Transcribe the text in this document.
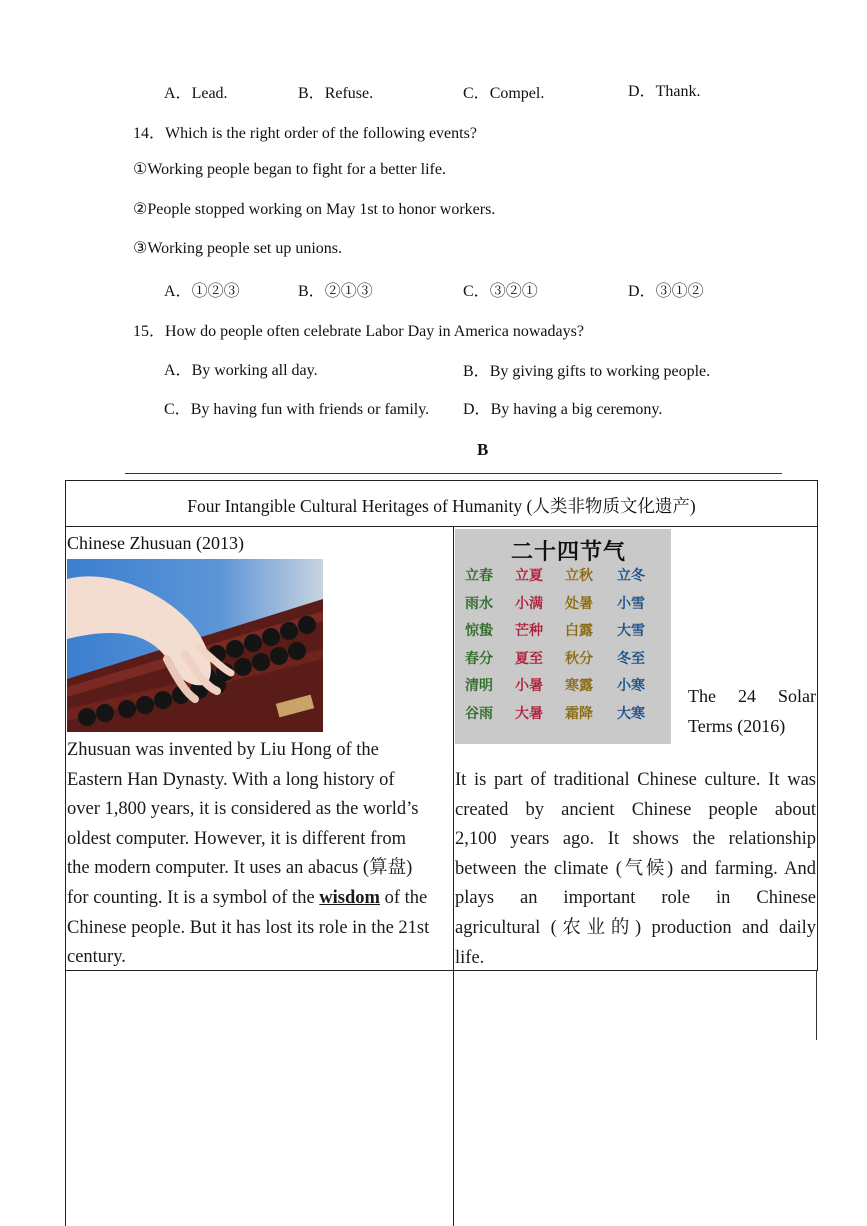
A．Lead.	B．Refuse.	C．Compel.	D．Thank.
14．Which is the right order of the following events?
①Working people began to fight for a better life.
②People stopped working on May 1st to honor workers.
③Working people set up unions.
A．①②③	B．②①③	C．③②①	D．③①②
15．How do people often celebrate Labor Day in America nowadays?
A．By working all day.	B．By giving gifts to working people.
C．By having fun with friends or family. D．By having a big ceremony.
B
Four Intangible Cultural Heritages of Humanity (人类非物质文化遗产)
Chinese Zhusuan (2013)
Zhusuan was invented by Liu Hong of the
Eastern Han Dynasty. With a long history of
over 1,800 years, it is considered as the world’s
oldest computer. However, it is different from
the modern computer. It uses an abacus (算盘)
for counting. It is a symbol of the wisdom of the
Chinese people. But it has lost its role in the 21st
century.
二十四节气
立春 立夏 立秋 立冬
雨水 小满 处暑 小雪
惊蛰 芒种 白露 大雪
春分 夏至 秋分 冬至
清明 小暑 寒露 小寒
谷雨 大暑 霜降 大寒
The 24 Solar
Terms (2016)
It is part of traditional Chinese culture. It was
created by ancient Chinese people about
2,100 years ago. It shows the relationship
between the climate (气候) and farming. And
plays an important role in Chinese
agricultural (农业的) production and daily
life.
